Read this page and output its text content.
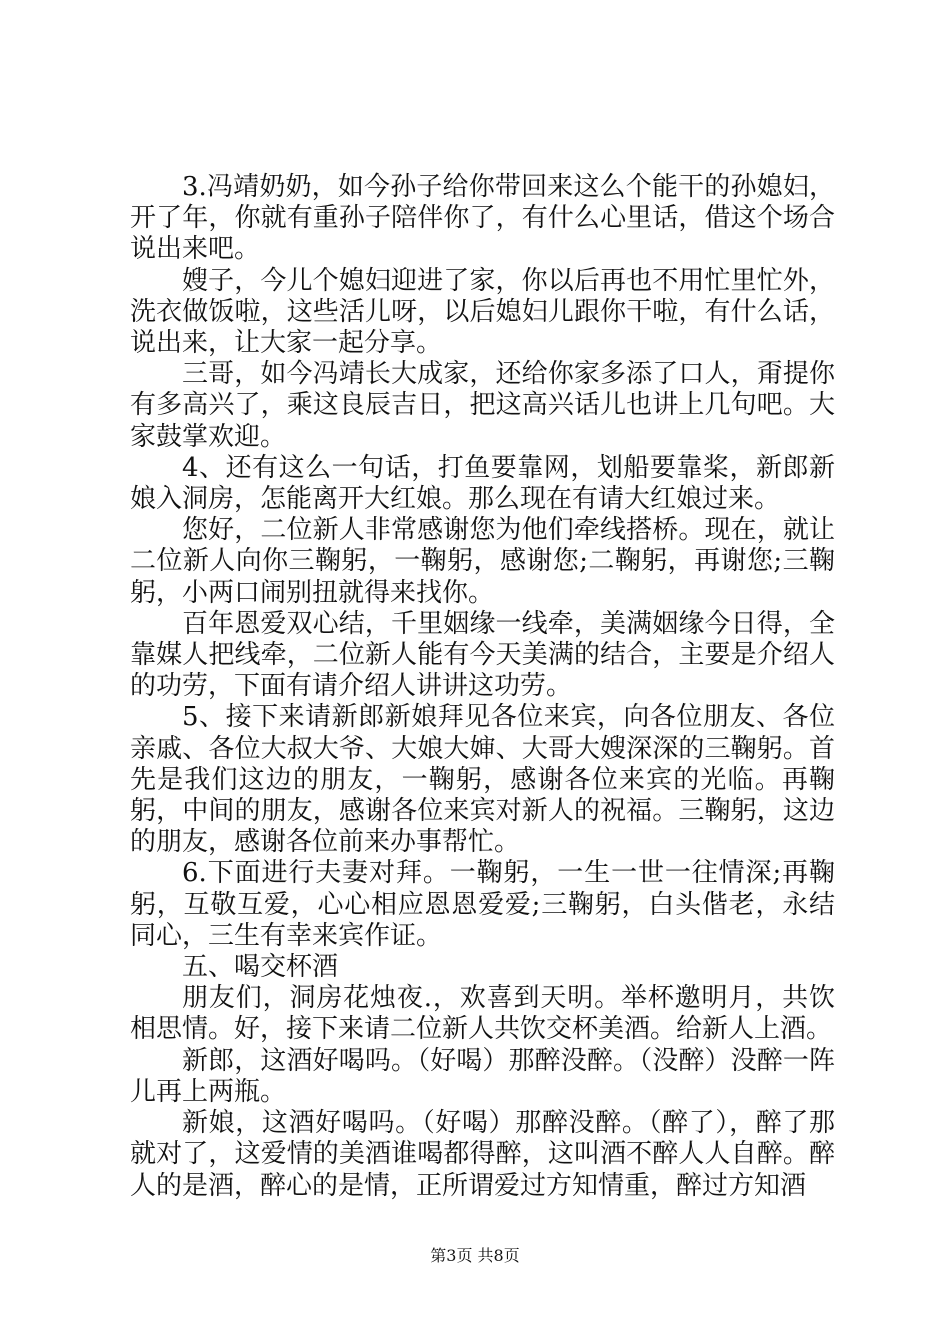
3.冯靖奶奶，如今孙子给你带回来这么个能干的孙媳妇，开了年，你就有重孙子陪伴你了，有什么心里话，借这个场合说出来吧。

嫂子，今儿个媳妇迎进了家，你以后再也不用忙里忙外，洗衣做饭啦，这些活儿呀，以后媳妇儿跟你干啦，有什么话，说出来，让大家一起分享。

三哥，如今冯靖长大成家，还给你家多添了口人，甭提你有多高兴了，乘这良辰吉日，把这高兴话儿也讲上几句吧。大家鼓掌欢迎。

4、还有这么一句话，打鱼要靠网，划船要靠桨，新郎新娘入洞房，怎能离开大红娘。那么现在有请大红娘过来。

您好，二位新人非常感谢您为他们牵线搭桥。现在，就让二位新人向你三鞠躬，一鞠躬，感谢您;二鞠躬，再谢您;三鞠躬，小两口闹别扭就得来找你。

百年恩爱双心结，千里姻缘一线牵，美满姻缘今日得，全靠媒人把线牵，二位新人能有今天美满的结合，主要是介绍人的功劳，下面有请介绍人讲讲这功劳。

5、接下来请新郎新娘拜见各位来宾，向各位朋友、各位亲戚、各位大叔大爷、大娘大婶、大哥大嫂深深的三鞠躬。首先是我们这边的朋友，一鞠躬，感谢各位来宾的光临。再鞠躬，中间的朋友，感谢各位来宾对新人的祝福。三鞠躬，这边的朋友，感谢各位前来办事帮忙。

6.下面进行夫妻对拜。一鞠躬，一生一世一往情深;再鞠躬，互敬互爱，心心相应恩恩爱爱;三鞠躬，白头偕老，永结同心，三生有幸来宾作证。

五、喝交杯酒

朋友们，洞房花烛夜.，欢喜到天明。举杯邀明月，共饮相思情。好，接下来请二位新人共饮交杯美酒。给新人上酒。

新郎，这酒好喝吗。（好喝）那醉没醉。（没醉）没醉一阵儿再上两瓶。

新娘，这酒好喝吗。（好喝）那醉没醉。（醉了），醉了那就对了，这爱情的美酒谁喝都得醉，这叫酒不醉人人自醉。醉人的是酒，醉心的是情，正所谓爱过方知情重，醉过方知酒

第3页 共8页
